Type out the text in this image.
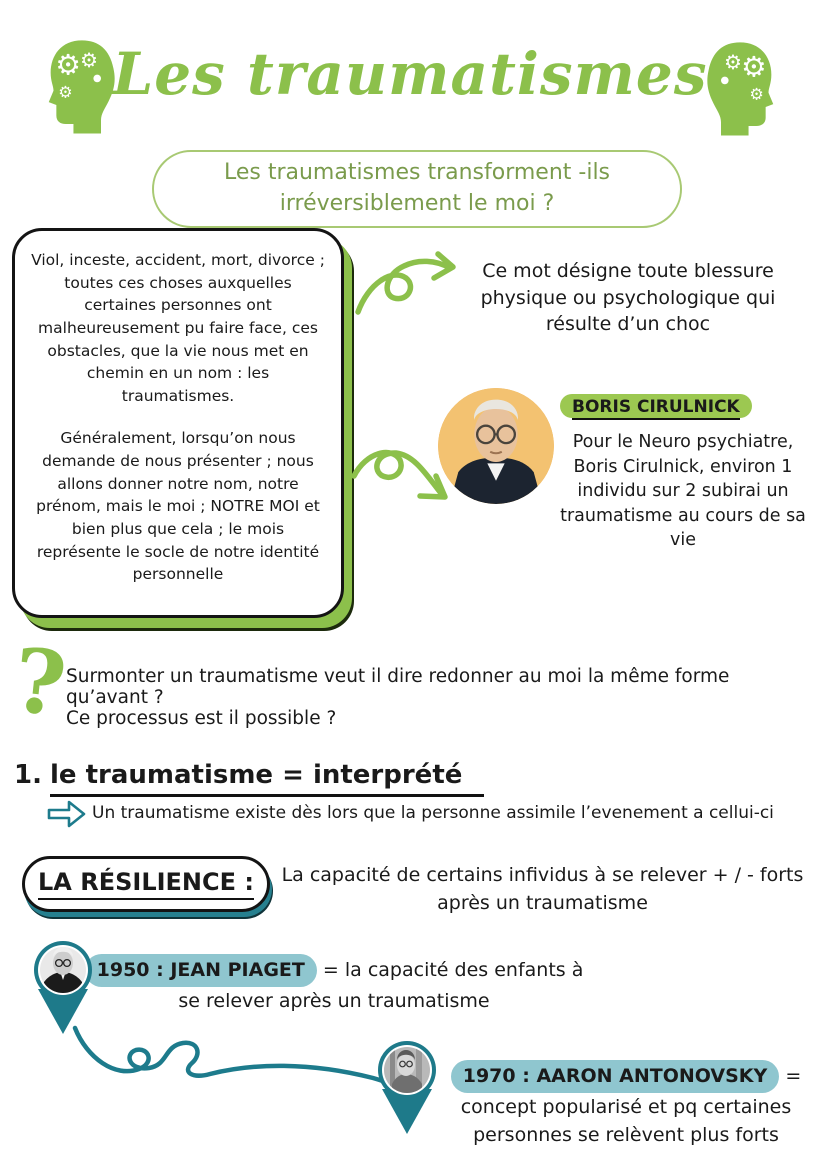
⚙ ⚙
⚙ Les traumatismes ⚙
⚙
⚙
Les traumatismes transforment -ils irréversiblement le moi ?

Viol, inceste, accident, mort, divorce ; toutes ces choses auxquelles certaines personnes ont malheureusement pu faire face, ces obstacles, que la vie nous met en chemin en un nom : les traumatismes.

Généralement, lorsqu’on nous demande de nous présenter ; nous allons donner notre nom, notre prénom, mais le moi ; NOTRE MOI et bien plus que cela ; le mois représente le socle de notre identité personnelle

Ce mot désigne toute blessure physique ou psychologique qui résulte d’un choc
BORIS CIRULNICK
Pour le Neuro psychiatre, Boris Cirulnick, environ 1 individu sur 2 subirai un traumatisme au cours de sa vie
?
Surmonter un traumatisme veut il dire redonner au moi la même forme qu’avant ?
Ce processus est il possible ?
1. le traumatisme = interprété
Un traumatisme existe dès lors que la personne assimile l’evenement a cellui-ci
LA RÉSILIENCE :	La capacité de certains infividus à se relever + / - forts après un traumatisme
1950 : JEAN PIAGET = la capacité des enfants à se relever après un traumatisme
1970 : AARON ANTONOVSKY = concept popularisé et pq certaines personnes se relèvent plus forts
